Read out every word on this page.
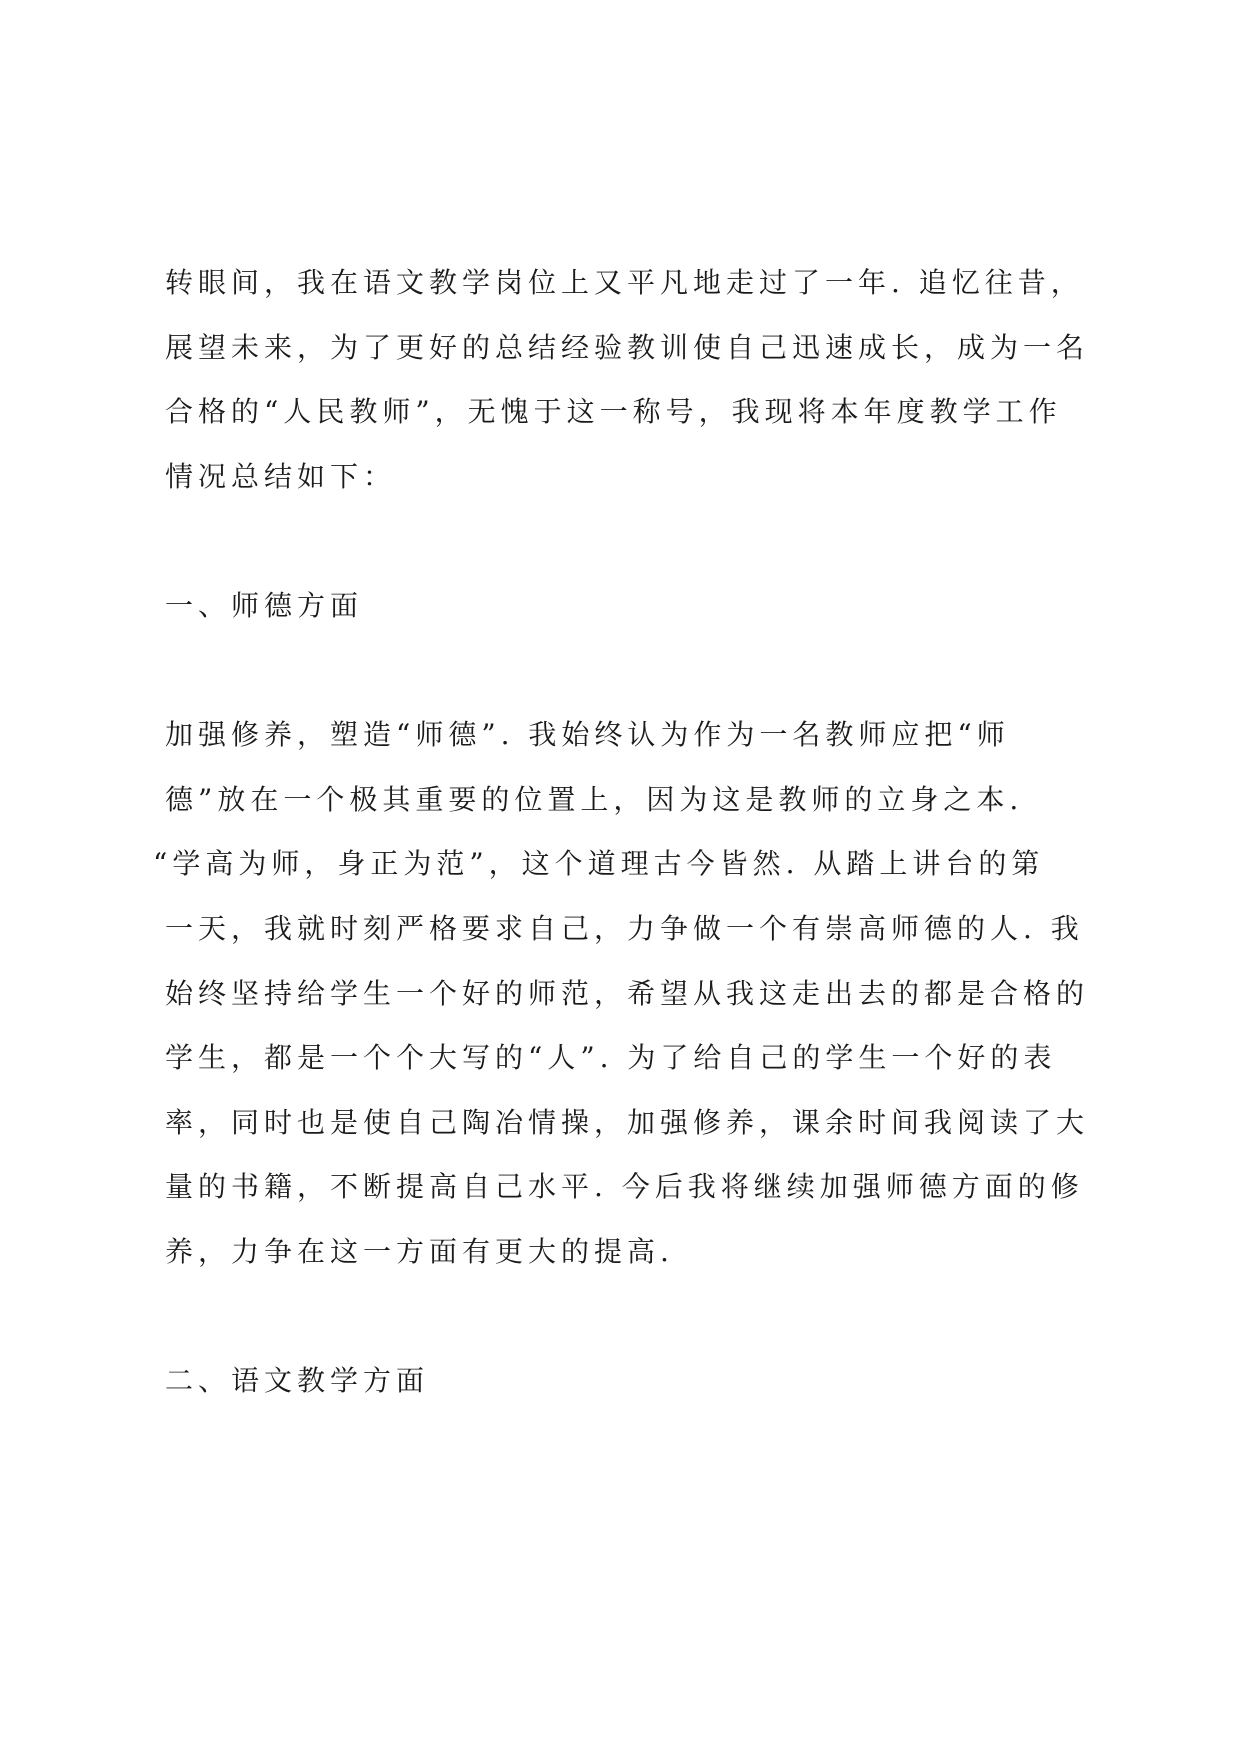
转眼间，我在语文教学岗位上又平凡地走过了一年. 追忆往昔，
展望未来，为了更好的总结经验教训使自己迅速成长，成为一名
合格的“人民教师”，无愧于这一称号，我现将本年度教学工作
情况总结如下：
一、师德方面
加强修养，塑造“师德”. 我始终认为作为一名教师应把“师
德”放在一个极其重要的位置上，因为这是教师的立身之本.
“学高为师，身正为范”，这个道理古今皆然. 从踏上讲台的第
一天，我就时刻严格要求自己，力争做一个有崇高师德的人. 我
始终坚持给学生一个好的师范，希望从我这走出去的都是合格的
学生，都是一个个大写的“人”. 为了给自己的学生一个好的表
率，同时也是使自己陶冶情操，加强修养，课余时间我阅读了大
量的书籍，不断提高自己水平. 今后我将继续加强师德方面的修
养，力争在这一方面有更大的提高.
二、语文教学方面
